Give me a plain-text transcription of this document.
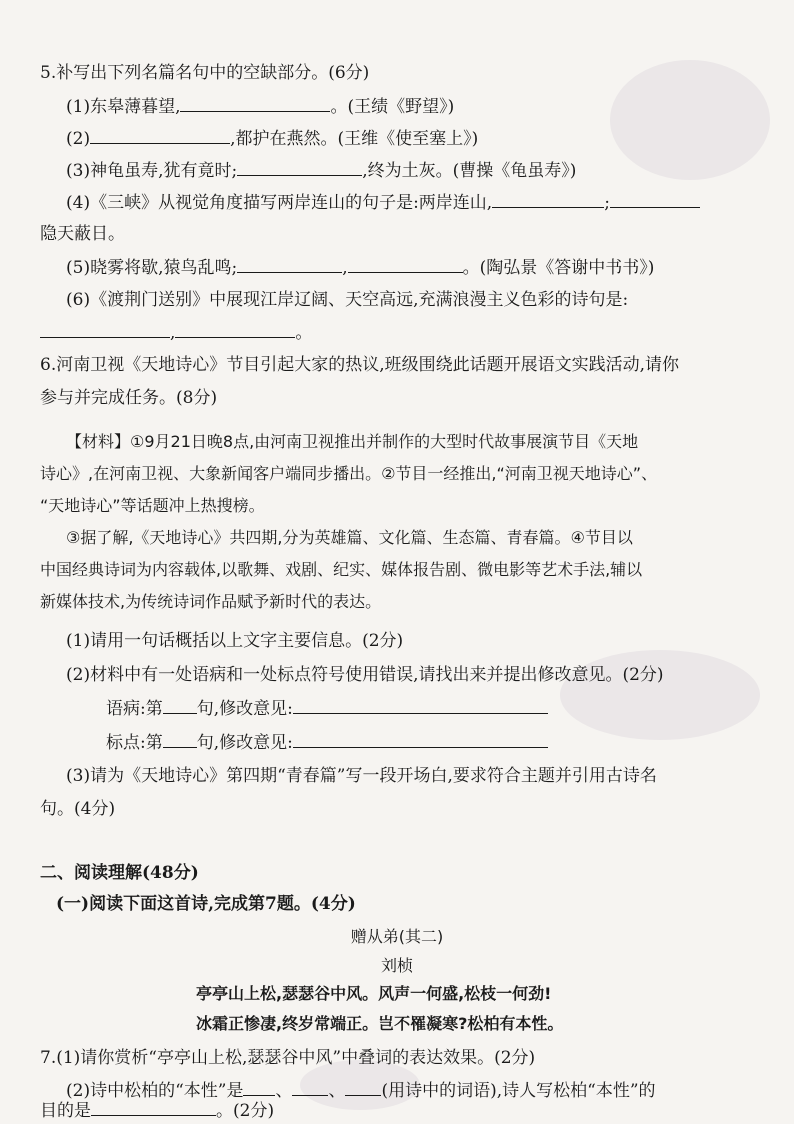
5.补写出下列名篇名句中的空缺部分。(6分)
(1)东皋薄暮望,	。(王绩《野望》)
(2)	,都护在燕然。(王维《使至塞上》)
(3)神龟虽寿,犹有竟时;	,终为土灰。(曹操《龟虽寿》)
(4)《三峡》从视觉角度描写两岸连山的句子是:两岸连山,	;
隐天蔽日。
(5)晓雾将歇,猿鸟乱鸣;	,	。(陶弘景《答谢中书书》)
(6)《渡荆门送别》中展现江岸辽阔、天空高远,充满浪漫主义色彩的诗句是:
,	。
6.河南卫视《天地诗心》节目引起大家的热议,班级围绕此话题开展语文实践活动,请你
参与并完成任务。(8分)
【材料】①9月21日晚8点,由河南卫视推出并制作的大型时代故事展演节目《天地
诗心》,在河南卫视、大象新闻客户端同步播出。②节目一经推出,“河南卫视天地诗心”、
“天地诗心”等话题冲上热搜榜。
③据了解,《天地诗心》共四期,分为英雄篇、文化篇、生态篇、青春篇。④节目以
中国经典诗词为内容载体,以歌舞、戏剧、纪实、媒体报告剧、微电影等艺术手法,辅以
新媒体技术,为传统诗词作品赋予新时代的表达。
(1)请用一句话概括以上文字主要信息。(2分)
(2)材料中有一处语病和一处标点符号使用错误,请找出来并提出修改意见。(2分)
语病:第 句,修改意见:
标点:第 句,修改意见:
(3)请为《天地诗心》第四期“青春篇”写一段开场白,要求符合主题并引用古诗名
句。(4分)
二、阅读理解(48分)
(一)阅读下面这首诗,完成第7题。(4分)
赠从弟(其二)
刘桢
亭亭山上松,瑟瑟谷中风。风声一何盛,松枝一何劲!
冰霜正惨凄,终岁常端正。岂不罹凝寒?松柏有本性。
7.(1)请你赏析“亭亭山上松,瑟瑟谷中风”中叠词的表达效果。(2分)
(2)诗中松柏的“本性”是 、 、 (用诗中的词语),诗人写松柏“本性”的
目的是	。(2分)
